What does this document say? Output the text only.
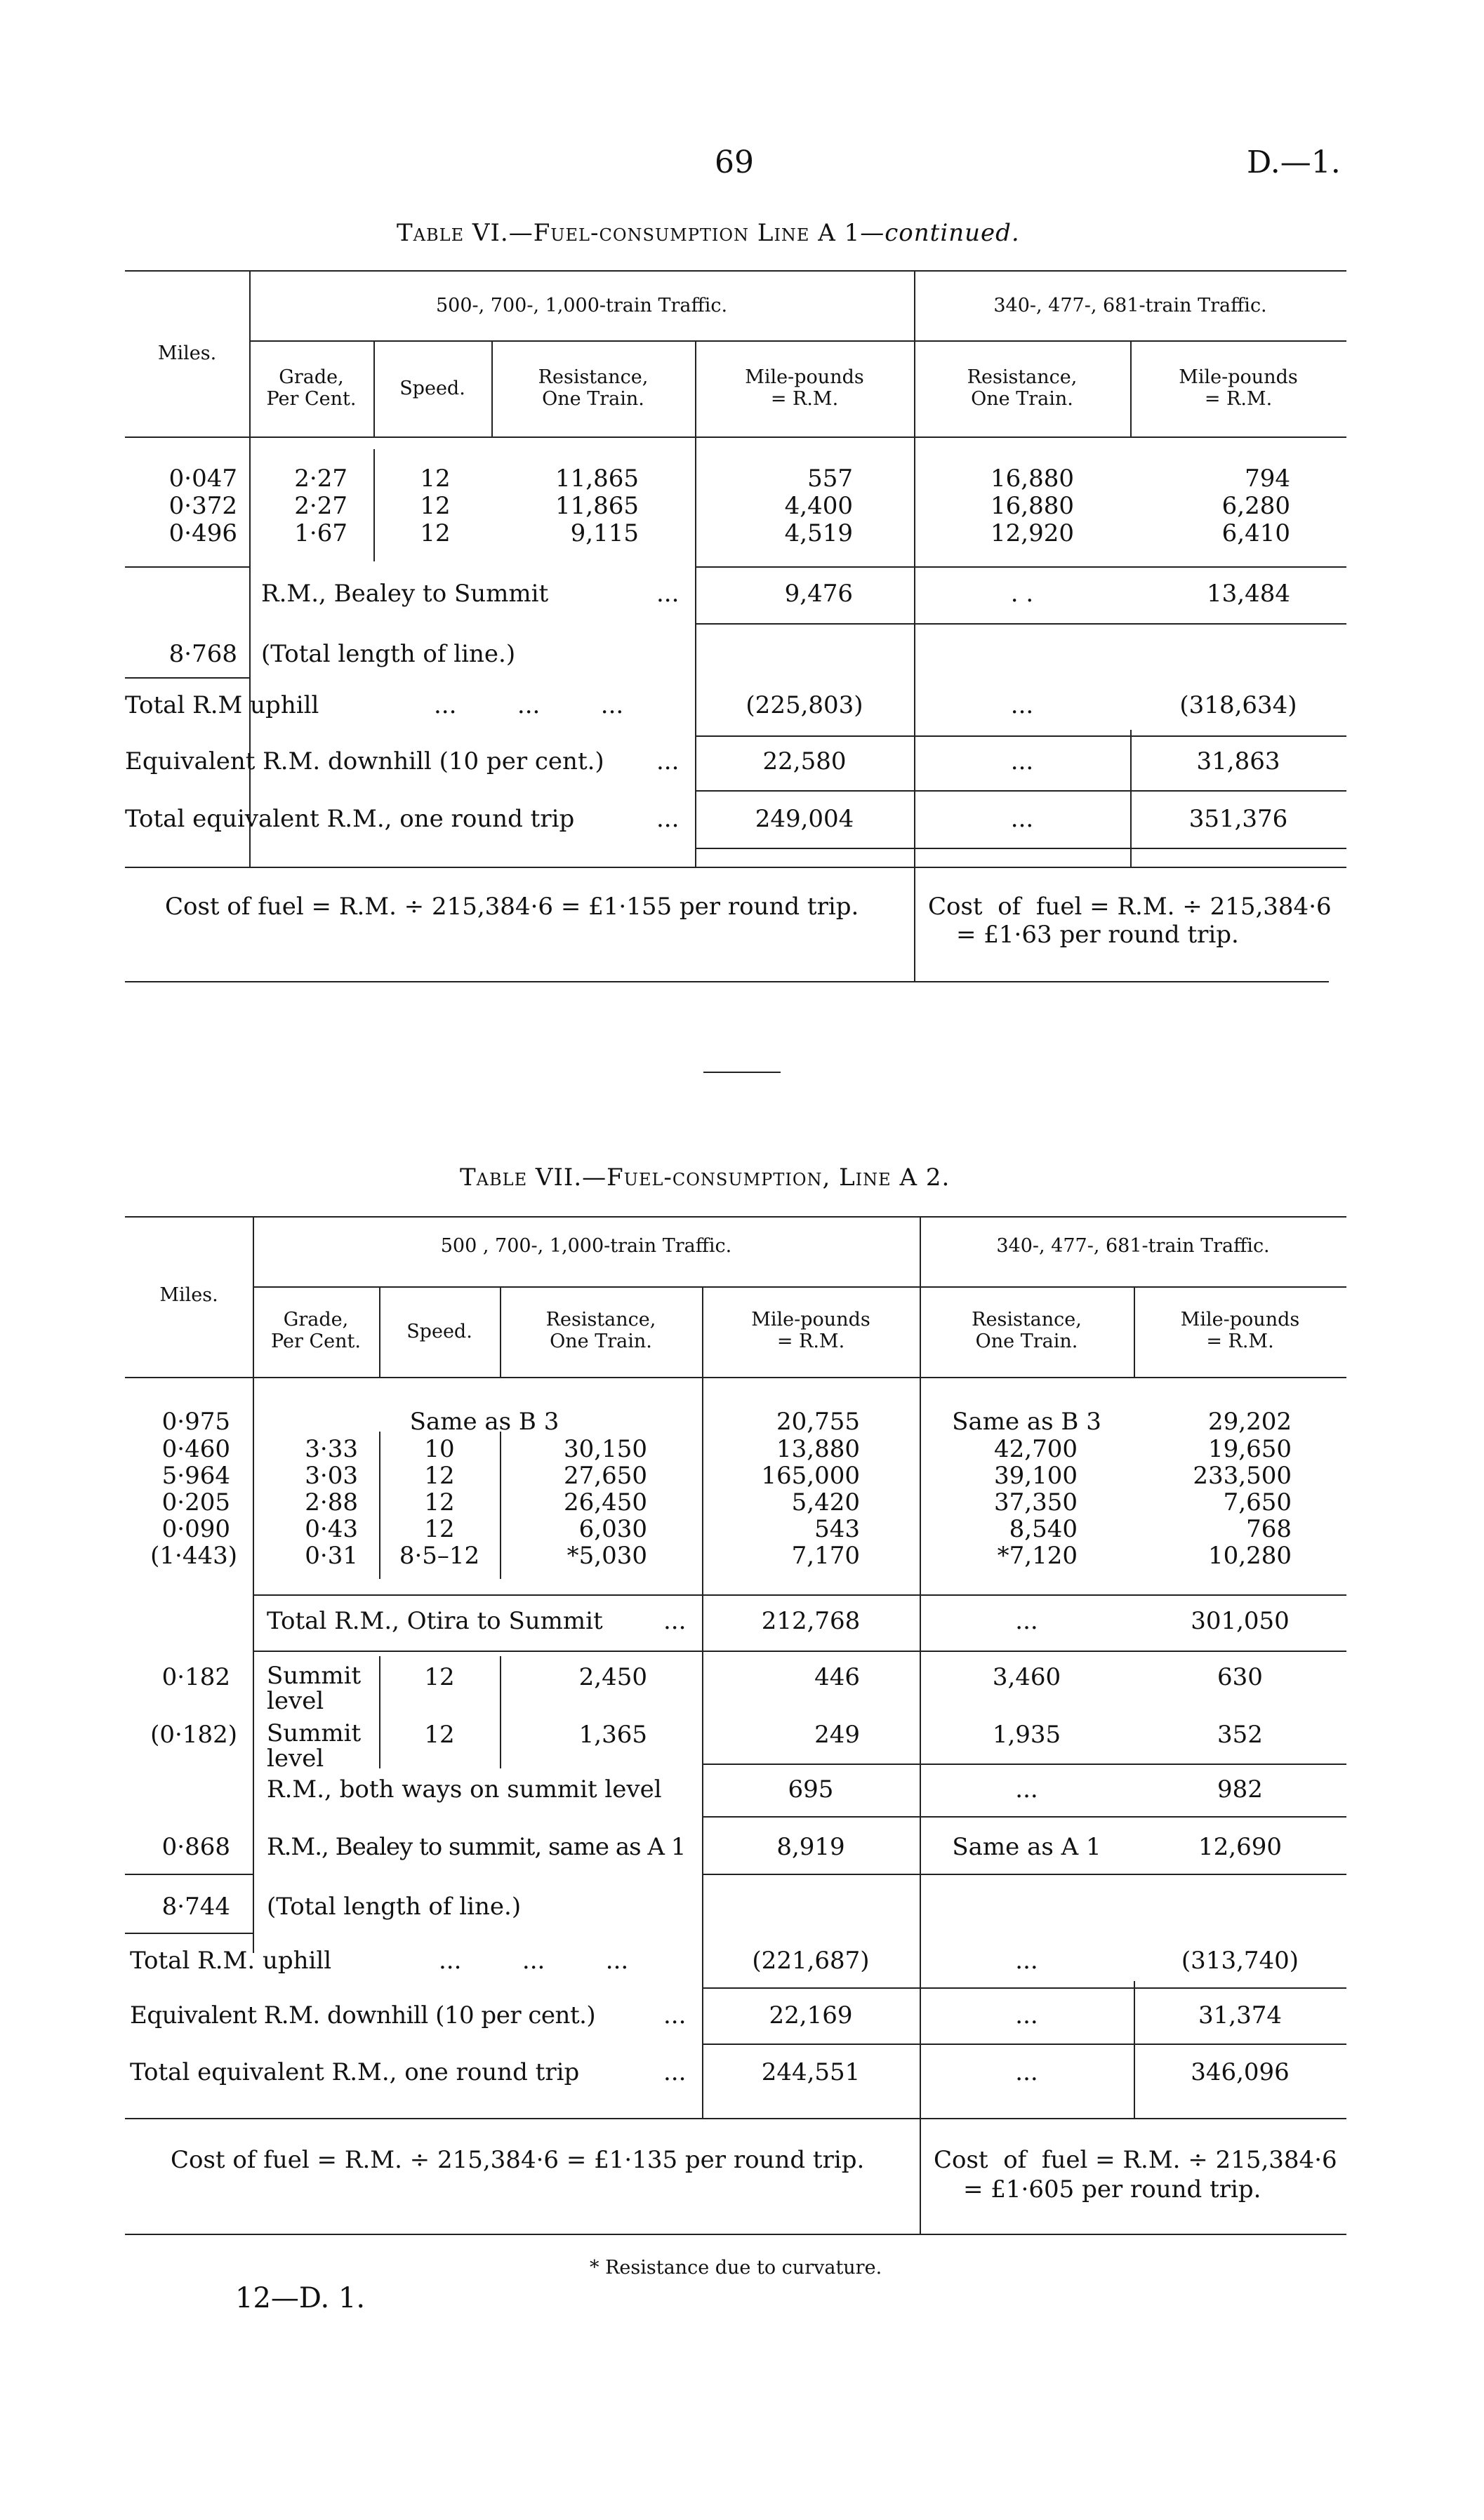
69	D.—1.
Table VI.—Fuel-consumption Line A 1—continued.
Miles.
500-, 700-, 1,000-train Traffic.	340-, 477-, 681-train Traffic.
Grade,
Per Cent.	Speed.
Resistance,
One Train.
Mile-pounds
= R.M.
Resistance,
One Train.
Mile-pounds
= R.M.
0·047	2·27	12	11,865	557	16,880	794
0·372	2·27	12	11,865	4,400	16,880	6,280
0·496	1·67	12	9,115	4,519	12,920	6,410
R.M., Bealey to Summit	...	9,476	. .	13,484
8·768 (Total length of line.)
Total R.M uphill	...        ...        ...	(225,803)	...	(318,634)
Equivalent R.M. downhill (10 per cent.) ...	22,580	...	31,863
Total equivalent R.M., one round trip	...	249,004	...	351,376
Cost of fuel = R.M. ÷ 215,384·6 = £1·155 per round trip.	Cost  of  fuel = R.M. ÷ 215,384·6
= £1·63 per round trip.
Table VII.—Fuel-consumption, Line A 2.
Miles.
500 , 700-, 1,000-train Traffic.	340-, 477-, 681-train Traffic.
Grade,
Per Cent.	Speed.
Resistance,
One Train.
Mile-pounds
= R.M.
Resistance,
One Train.
Mile-pounds
= R.M.
0·975	Same as B 3	20,755	Same as B 3	29,202
0·460	3·33	10	30,150	13,880	42,700	19,650
5·964	3·03	12	27,650	165,000	39,100	233,500
0·205	2·88	12	26,450	5,420	37,350	7,650
0·090	0·43	12	6,030	543	8,540	768
(1·443)	0·31	8·5–12	*5,030	7,170	*7,120	10,280
Total R.M., Otira to Summit	...	212,768	...	301,050
0·182 Summit
level
12	2,450	446	3,460	630
(0·182) Summit
level
12	1,365	249	1,935	352
R.M., both ways on summit level	695	...	982
0·868 R.M., Bealey to summit, same as A 1	8,919	Same as A 1	12,690
8·744 (Total length of line.)
Total R.M. uphill	...        ...        ...	(221,687)	...	(313,740)
Equivalent R.M. downhill (10 per cent.)	...	22,169	...	31,374
Total equivalent R.M., one round trip	...	244,551	...	346,096
Cost of fuel = R.M. ÷ 215,384·6 = £1·135 per round trip.	Cost  of  fuel = R.M. ÷ 215,384·6
= £1·605 per round trip.
* Resistance due to curvature.
12—D. 1.
